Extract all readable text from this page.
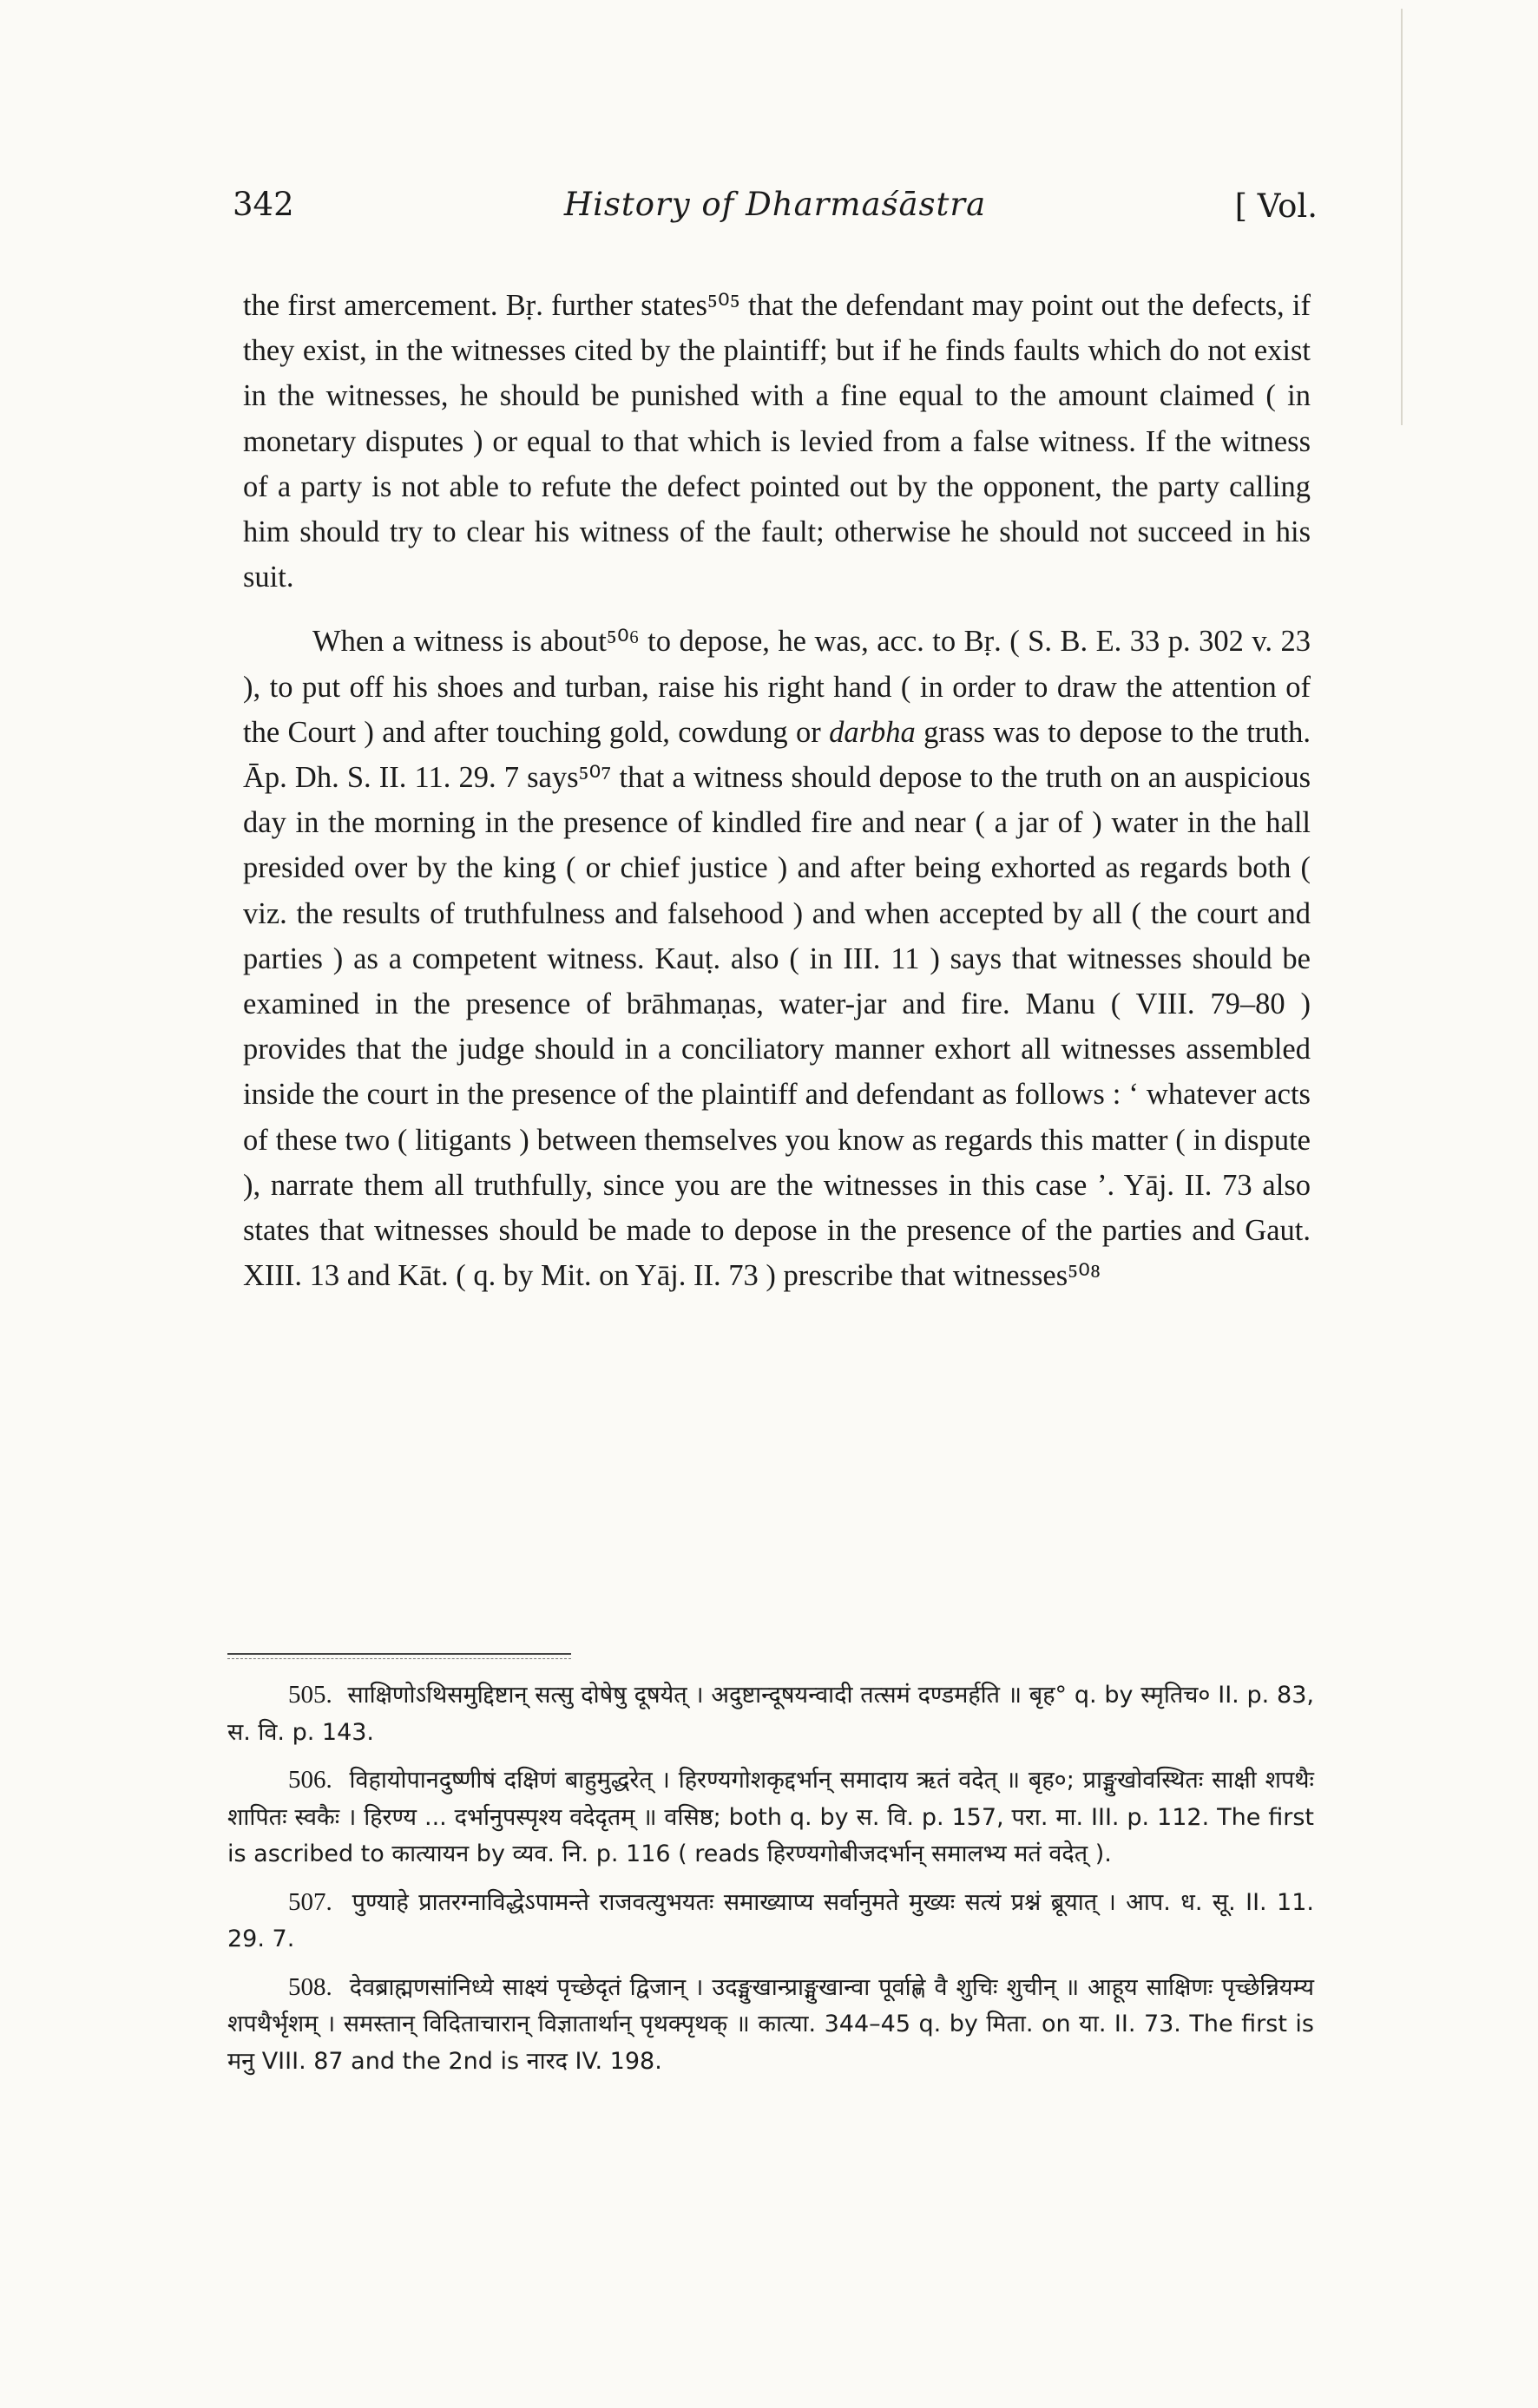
342	History of Dharmaśāstra	[ Vol.

the first amercement. Bṛ. further states⁵⁰⁵ that the defendant may point out the defects, if they exist, in the witnesses cited by the plaintiff; but if he finds faults which do not exist in the witnesses, he should be punished with a fine equal to the amount claimed ( in monetary disputes ) or equal to that which is levied from a false witness. If the witness of a party is not able to refute the defect pointed out by the opponent, the party calling him should try to clear his witness of the fault; otherwise he should not succeed in his suit.

When a witness is about⁵⁰⁶ to depose, he was, acc. to Bṛ. ( S. B. E. 33 p. 302 v. 23 ), to put off his shoes and turban, raise his right hand ( in order to draw the attention of the Court ) and after touching gold, cowdung or darbha grass was to depose to the truth. Āp. Dh. S. II. 11. 29. 7 says⁵⁰⁷ that a witness should depose to the truth on an auspicious day in the morning in the presence of kindled fire and near ( a jar of ) water in the hall presided over by the king ( or chief justice ) and after being exhorted as regards both ( viz. the results of truthfulness and falsehood ) and when accepted by all ( the court and parties ) as a competent witness. Kauṭ. also ( in III. 11 ) says that witnesses should be examined in the presence of brāhmaṇas, water-jar and fire. Manu ( VIII. 79–80 ) provides that the judge should in a conciliatory manner exhort all witnesses assembled inside the court in the presence of the plaintiff and defendant as follows : ‘ whatever acts of these two ( litigants ) between themselves you know as regards this matter ( in dispute ), narrate them all truthfully, since you are the witnesses in this case ’. Yāj. II. 73 also states that witnesses should be made to depose in the presence of the parties and Gaut. XIII. 13 and Kāt. ( q. by Mit. on Yāj. II. 73 ) prescribe that witnesses⁵⁰⁸

505. साक्षिणोऽथिसमुद्दिष्टान् सत्सु दोषेषु दूषयेत् । अदुष्टान्दूषयन्वादी तत्समं दण्डमर्हति ॥ बृह° q. by स्मृतिच० II. p. 83, स. वि. p. 143.

506. विहायोपानदुष्णीषं दक्षिणं बाहुमुद्धरेत् । हिरण्यगोशकृद्दर्भान् समादाय ऋतं वदेत् ॥ बृह०; प्राङ्मुखोवस्थितः साक्षी शपथैः शापितः स्वकैः । हिरण्य ... दर्भानुपस्पृश्य वदेदृतम् ॥ वसिष्ठ; both q. by स. वि. p. 157, परा. मा. III. p. 112. The first is ascribed to कात्यायन by व्यव. नि. p. 116 ( reads हिरण्यगोबीजदर्भान् समालभ्य मतं वदेत् ).

507. पुण्याहे प्रातरग्नाविद्धेऽपामन्ते राजवत्युभयतः समाख्याप्य सर्वानुमते मुख्यः सत्यं प्रश्नं ब्रूयात् । आप. ध. सू. II. 11. 29. 7.

508. देवब्राह्मणसांनिध्ये साक्ष्यं पृच्छेदृतं द्विजान् । उदङ्मुखान्प्राङ्मुखान्वा पूर्वाह्णे वै शुचिः शुचीन् ॥ आहूय साक्षिणः पृच्छेन्नियम्य शपथैर्भृशम् । समस्तान् विदिताचारान् विज्ञातार्थान् पृथक्पृथक् ॥ कात्या. 344–45 q. by मिता. on या. II. 73. The first is मनु VIII. 87 and the 2nd is नारद IV. 198.
